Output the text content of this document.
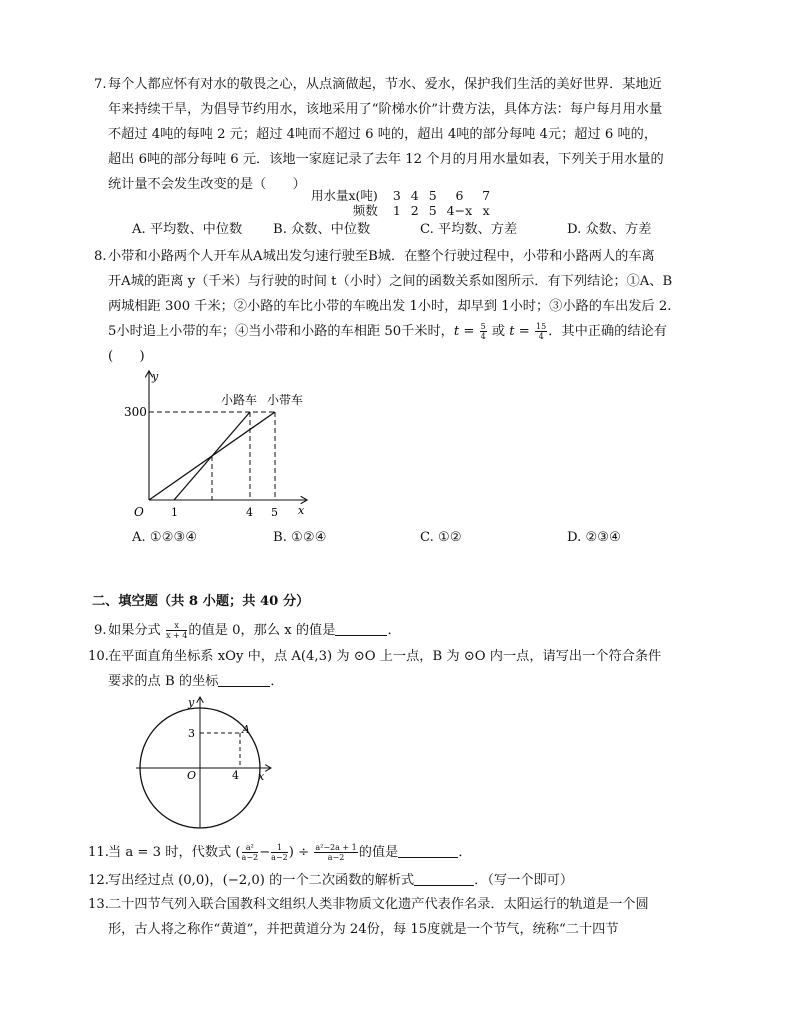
7. 每个人都应怀有对水的敬畏之心，从点滴做起，节水、爱水，保护我们生活的美好世界．某地近
年来持续干旱，为倡导节约用水，该地采用了“阶梯水价”计费方法，具体方法：每户每月用水量
不超过 4吨的每吨 2 元；超过 4吨而不超过 6 吨的，超出 4吨的部分每吨 4元；超过 6 吨的，
超出 6吨的部分每吨 6 元．该地一家庭记录了去年 12 个月的月用水量如表，下列关于用水量的
统计量不会发生改变的是（　　）
用水量x(吨)	3	4	5	6	7
频数	1	2	5	4−x	x
A. 平均数、中位数 B. 众数、中位数	C. 平均数、方差	D. 众数、方差
8. 小带和小路两个人开车从A城出发匀速行驶至B城．在整个行驶过程中，小带和小路两人的车离
开A城的距离 y（千米）与行驶的时间 t（小时）之间的函数关系如图所示．有下列结论；①A、B
两城相距 300 千米；②小路的车比小带的车晚出发 1小时，却早到 1小时；③小路的车出发后 2.
5小时追上小带的车；④当小带和小路的车相距 50千米时，$t = \frac{5}{4}$ 或 $t = \frac{15}{4}$ ．其中正确的结论有
(　　)
300
y
x
O 1	4 5
小路车 小带车
A. ①②③④	B. ①②④	C. ①②	D. ②③④
二、填空题（共 8 小题；共 40 分）
9. 如果分式 $\frac{x}{x + 4}$ 的值是 0，那么 x 的值是	．
10. 在平面直角坐标系 xOy 中，点 A(4,3) 为 ⊙O 上一点，B 为 ⊙O 内一点，请写出一个符合条件
要求的点 B 的坐标	．
y
x
3
4
O
A
11. 当 a = 3 时，代数式 ( $\frac{\text{a²}}{a-2} - \frac{1}{a-2}$ ) ÷ $\frac{\text{a²−2a + 1}}{a-2}$ 的值是	．
12. 写出经过点 (0,0)，(−2,0) 的一个二次函数的解析式	．（写一个即可）
13. 二十四节气列入联合国教科文组织人类非物质文化遗产代表作名录．太阳运行的轨道是一个圆
形，古人将之称作“黄道”，并把黄道分为 24份，每 15度就是一个节气，统称“二十四节
